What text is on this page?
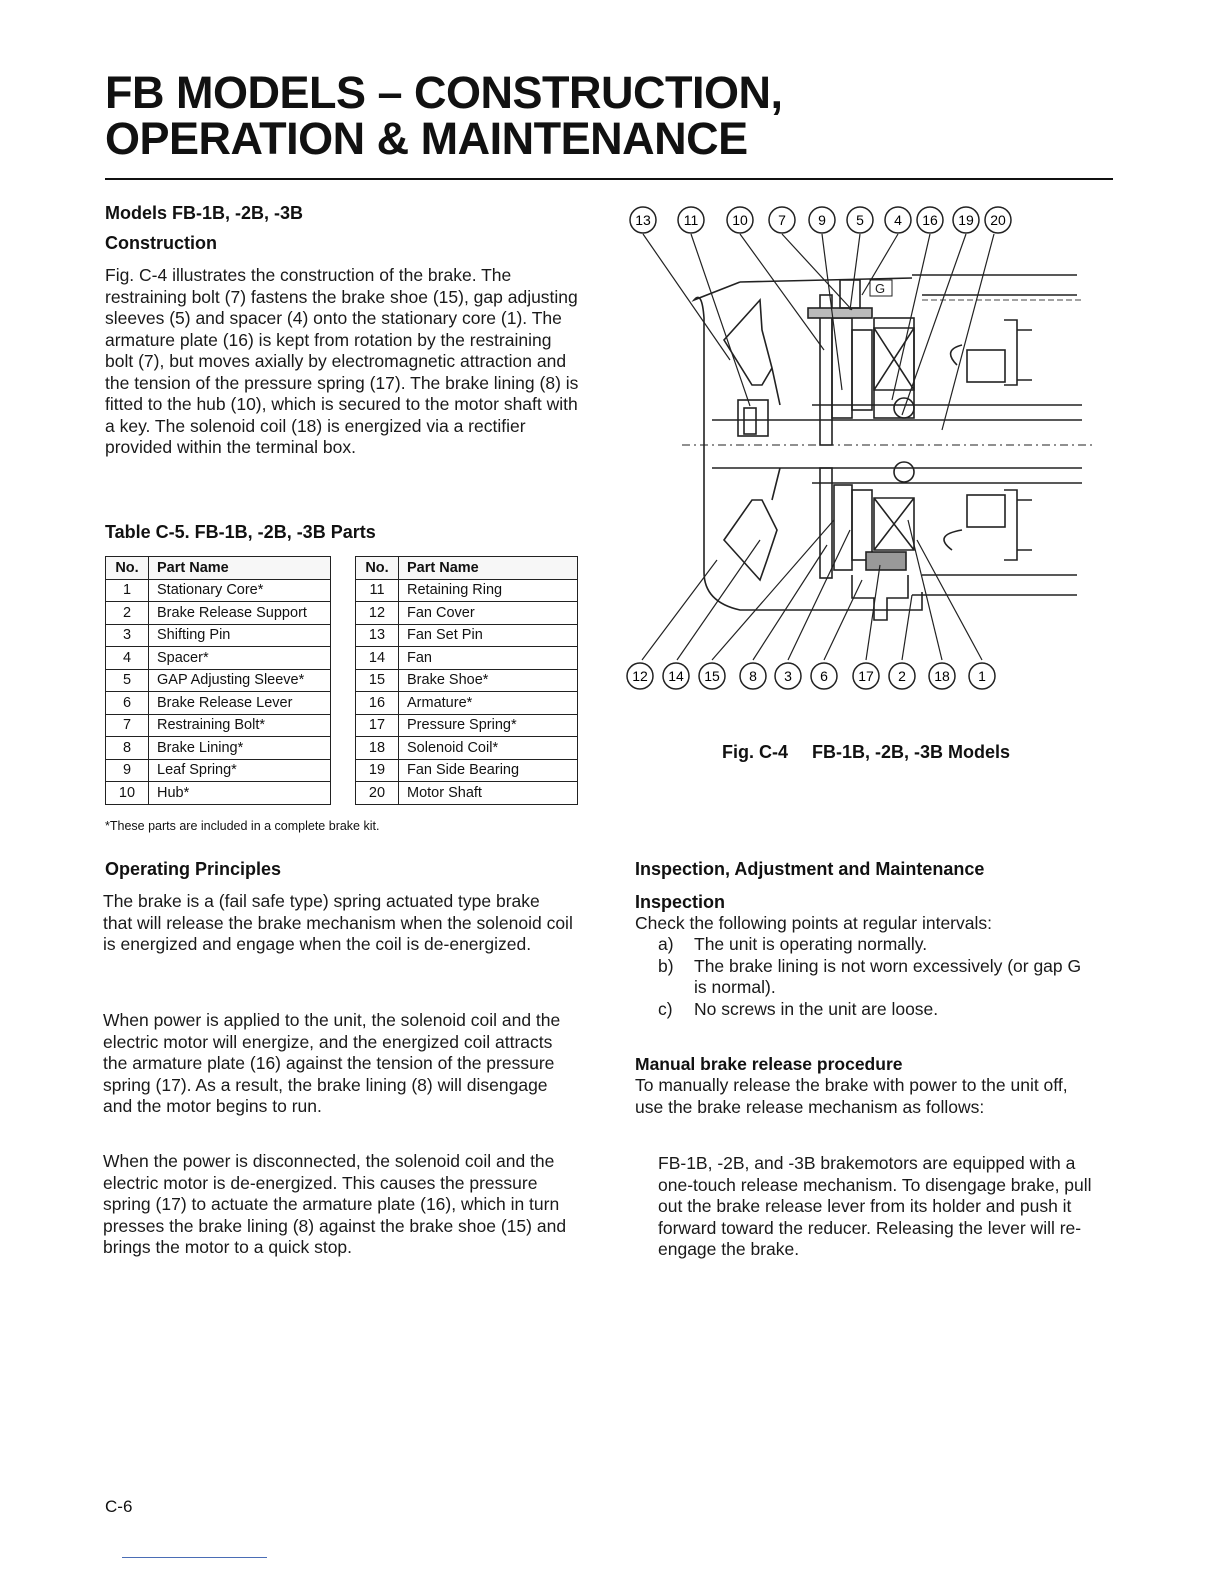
FB MODELS – CONSTRUCTION,
OPERATION & MAINTENANCE
Models FB-1B, -2B, -3B
Construction

Fig. C-4 illustrates the construction of the brake. The restraining bolt (7) fastens the brake shoe (15), gap adjusting sleeves (5) and spacer (4) onto the stationary core (1). The armature plate (16) is kept from rotation by the restraining bolt (7), but moves axially by electromagnetic attraction and the tension of the pressure spring (17). The brake lining (8) is fitted to the hub (10), which is secured to the motor shaft with a key. The solenoid coil (18) is energized via a rectifier provided within the terminal box.

Table C-5. FB-1B, -2B, -3B Parts
No.	Part Name
1	Stationary Core*
2	Brake Release Support
3	Shifting Pin
4	Spacer*
5	GAP Adjusting Sleeve*
6	Brake Release Lever
7	Restraining Bolt*
8	Brake Lining*
9	Leaf Spring*
10	Hub*
No.	Part Name
11	Retaining Ring
12	Fan Cover
13	Fan Set Pin
14	Fan
15	Brake Shoe*
16	Armature*
17	Pressure Spring*
18	Solenoid Coil*
19	Fan Side Bearing
20	Motor Shaft

*These parts are included in a complete brake kit.

G
13 11 10 7 9 5 4 16 19 20
12 14 15 8 3 6 17 2 18 1

Fig. C-4 FB-1B, -2B, -3B Models

Operating Principles

The brake is a (fail safe type) spring actuated type brake that will release the brake mechanism when the solenoid coil is energized and engage when the coil is de-energized.

When power is applied to the unit, the solenoid coil and the electric motor will energize, and the energized coil attracts the armature plate (16) against the tension of the pressure spring (17). As a result, the brake lining (8) will disengage and the motor begins to run.

When the power is disconnected, the solenoid coil and the electric motor is de-energized. This causes the pressure spring (17) to actuate the armature plate (16), which in turn presses the brake lining (8) against the brake shoe (15) and brings the motor to a quick stop.

Inspection, Adjustment and Maintenance
Inspection

Check the following points at regular intervals:

a) The unit is operating normally.
b) The brake lining is not worn excessively (or gap G is normal).
c) No screws in the unit are loose.
Manual brake release procedure

To manually release the brake with power to the unit off, use the brake release mechanism as follows:

FB-1B, -2B, and -3B brakemotors are equipped with a one-touch release mechanism. To disengage brake, pull out the brake release lever from its holder and push it forward toward the reducer. Releasing the lever will re-engage the brake.

C-6
